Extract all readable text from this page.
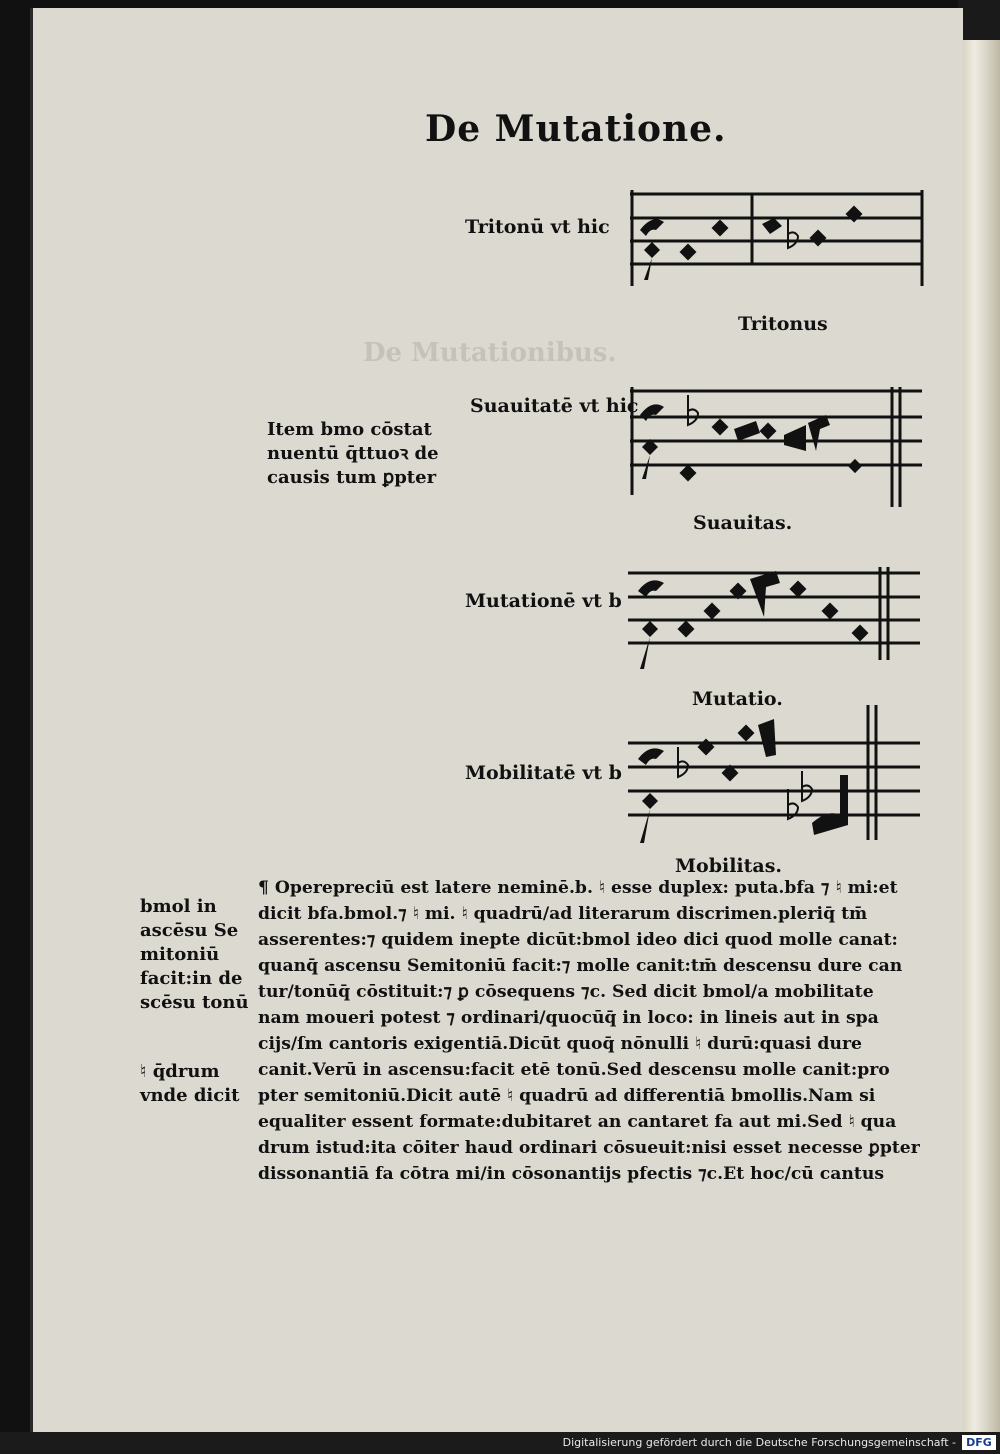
De Mutationibus.
De Mutatione.
Tritonū vt hic
Tritonus
Item bmo cōstat
nuentū q̄ttuoꝛ de
causis tum ꝑpter
Suauitatē vt hic
Suauitas.
bmol in
ascēsu Se
mitoniū
facit:in de
scēsu tonū
Mutationē vt b
Mutatio.
Mobilitatē vt b
Mobilitas.
♮ q̄drum
vnde dicit
¶ Operepreciū est latere neminē.b. ♮ esse duplex: puta.bfa ⁊ ♮ mi:et
dicit bfa.bmol.⁊ ♮ mi. ♮ quadrū/ad literarum discrimen.pleriq̄ tm̄
asserentes:⁊ quidem inepte dicūt:bmol ideo dici quod molle canat:
quanq̄ ascensu Semitoniū facit:⁊ molle canit:tm̄ descensu dure can
tur/tonūq̄ cōstituit:⁊ ꝑ cōsequens ⁊c. Sed dicit bmol/a mobilitate
nam moueri potest ⁊ ordinari/quocūq̄ in loco: in lineis aut in spa
cijs/ſm cantoris exigentiā.Dicūt quoq̄ nōnulli ♮ durū:quasi dure
canit.Verū in ascensu:facit etē tonū.Sed descensu molle canit:pro
pter semitoniū.Dicit autē ♮ quadrū ad differentiā bmollis.Nam si
equaliter essent formate:dubitaret an cantaret fa aut mi.Sed ♮ qua
drum istud:ita cōiter haud ordinari cōsueuit:nisi esset necesse ꝑpter
dissonantiā fa cōtra mi/in cōsonantijs pfectis ⁊c.Et hoc/cū cantus
Digitalisierung gefördert durch die Deutsche Forschungsgemeinschaft - DFG
